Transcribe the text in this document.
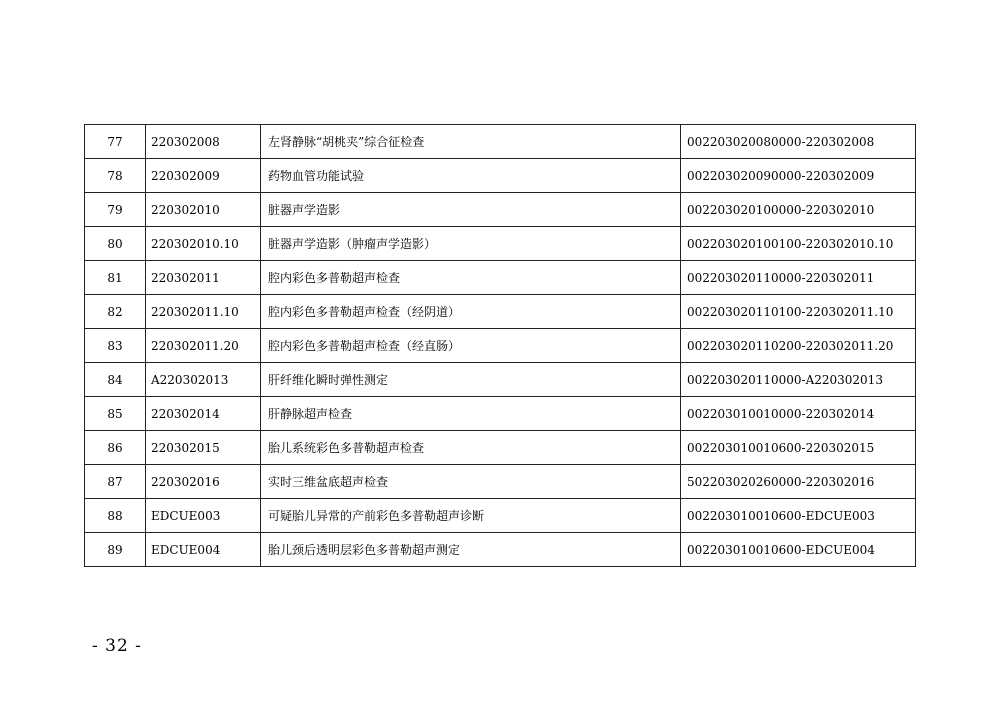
77	220302008	左肾静脉“胡桃夹”综合征检查	002203020080000-220302008
78	220302009	药物血管功能试验	002203020090000-220302009
79	220302010	脏器声学造影	002203020100000-220302010
80	220302010.10	脏器声学造影（肿瘤声学造影）	002203020100100-220302010.10
81	220302011	腔内彩色多普勒超声检查	002203020110000-220302011
82	220302011.10	腔内彩色多普勒超声检查（经阴道）	002203020110100-220302011.10
83	220302011.20	腔内彩色多普勒超声检查（经直肠）	002203020110200-220302011.20
84	A220302013	肝纤维化瞬时弹性测定	002203020110000-A220302013
85	220302014	肝静脉超声检查	002203010010000-220302014
86	220302015	胎儿系统彩色多普勒超声检查	002203010010600-220302015
87	220302016	实时三维盆底超声检查	502203020260000-220302016
88	EDCUE003	可疑胎儿异常的产前彩色多普勒超声诊断	002203010010600-EDCUE003
89	EDCUE004	胎儿颈后透明层彩色多普勒超声测定	002203010010600-EDCUE004
- 32 -
